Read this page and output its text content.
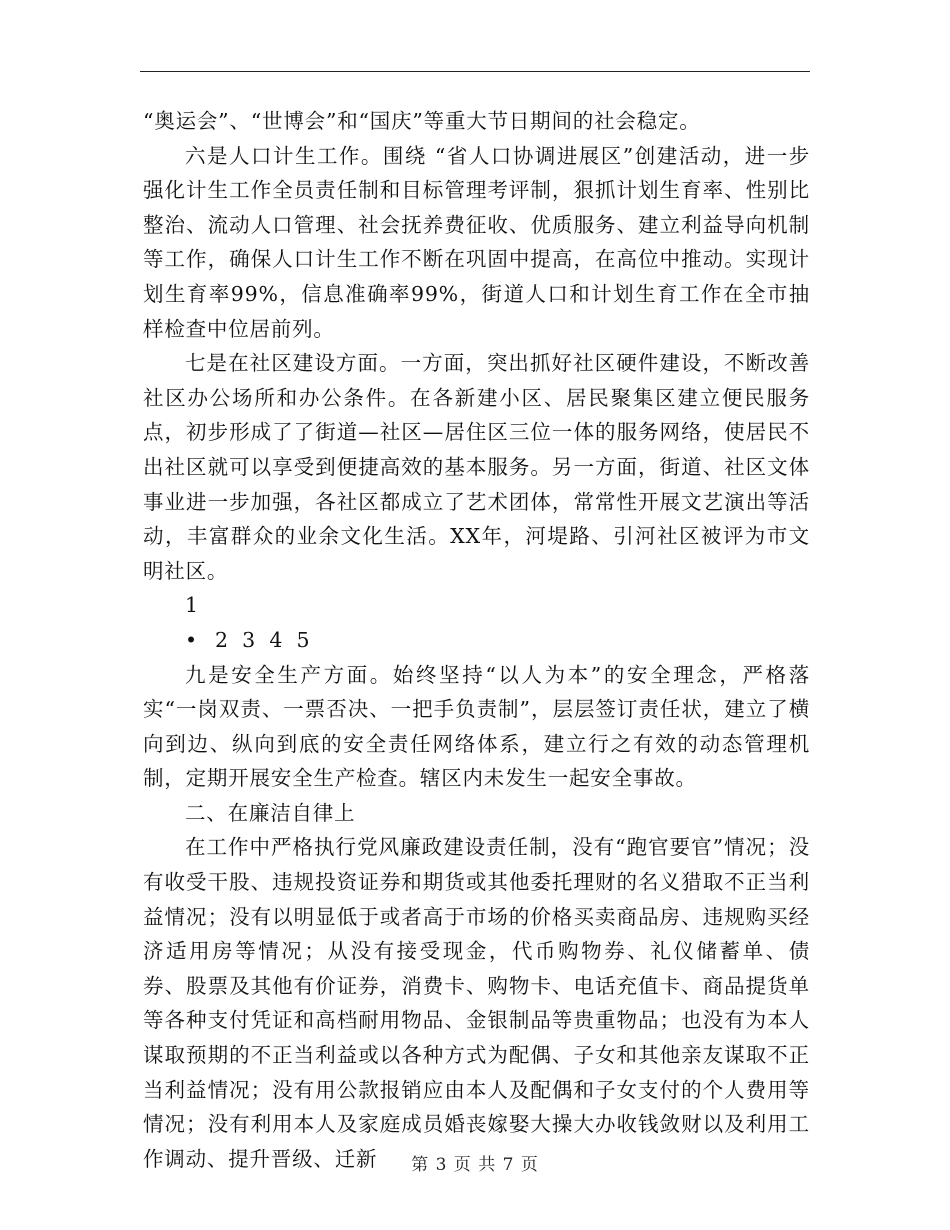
“奥运会”、“世博会”和“国庆”等重大节日期间的社会稳定。

六是人口计生工作。围绕 “省人口协调进展区”创建活动，进一步强化计生工作全员责任制和目标管理考评制，狠抓计划生育率、性别比整治、流动人口管理、社会抚养费征收、优质服务、建立利益导向机制等工作，确保人口计生工作不断在巩固中提高，在高位中推动。实现计划生育率99%，信息准确率99%，街道人口和计划生育工作在全市抽样检查中位居前列。

七是在社区建设方面。一方面，突出抓好社区硬件建设，不断改善社区办公场所和办公条件。在各新建小区、居民聚集区建立便民服务点，初步形成了了街道—社区—居住区三位一体的服务网络，使居民不出社区就可以享受到便捷高效的基本服务。另一方面，街道、社区文体事业进一步加强，各社区都成立了艺术团体，常常性开展文艺演出等活动，丰富群众的业余文化生活。XX年，河堤路、引河社区被评为市文明社区。

1

• 2 3 4 5

九是安全生产方面。始终坚持“以人为本”的安全理念，严格落实“一岗双责、一票否决、一把手负责制”，层层签订责任状，建立了横向到边、纵向到底的安全责任网络体系，建立行之有效的动态管理机制，定期开展安全生产检查。辖区内未发生一起安全事故。

二、在廉洁自律上

在工作中严格执行党风廉政建设责任制，没有“跑官要官”情况；没有收受干股、违规投资证券和期货或其他委托理财的名义猎取不正当利益情况；没有以明显低于或者高于市场的价格买卖商品房、违规购买经济适用房等情况；从没有接受现金，代币购物券、礼仪储蓄单、债　券、股票及其他有价证券，消费卡、购物卡、电话充值卡、商品提货单等各种支付凭证和高档耐用物品、金银制品等贵重物品；也没有为本人谋取预期的不正当利益或以各种方式为配偶、子女和其他亲友谋取不正当利益情况；没有用公款报销应由本人及配偶和子女支付的个人费用等情况；没有利用本人及家庭成员婚丧嫁娶大操大办收钱敛财以及利用工作调动、提升晋级、迁新	第 3 页 共 7 页
